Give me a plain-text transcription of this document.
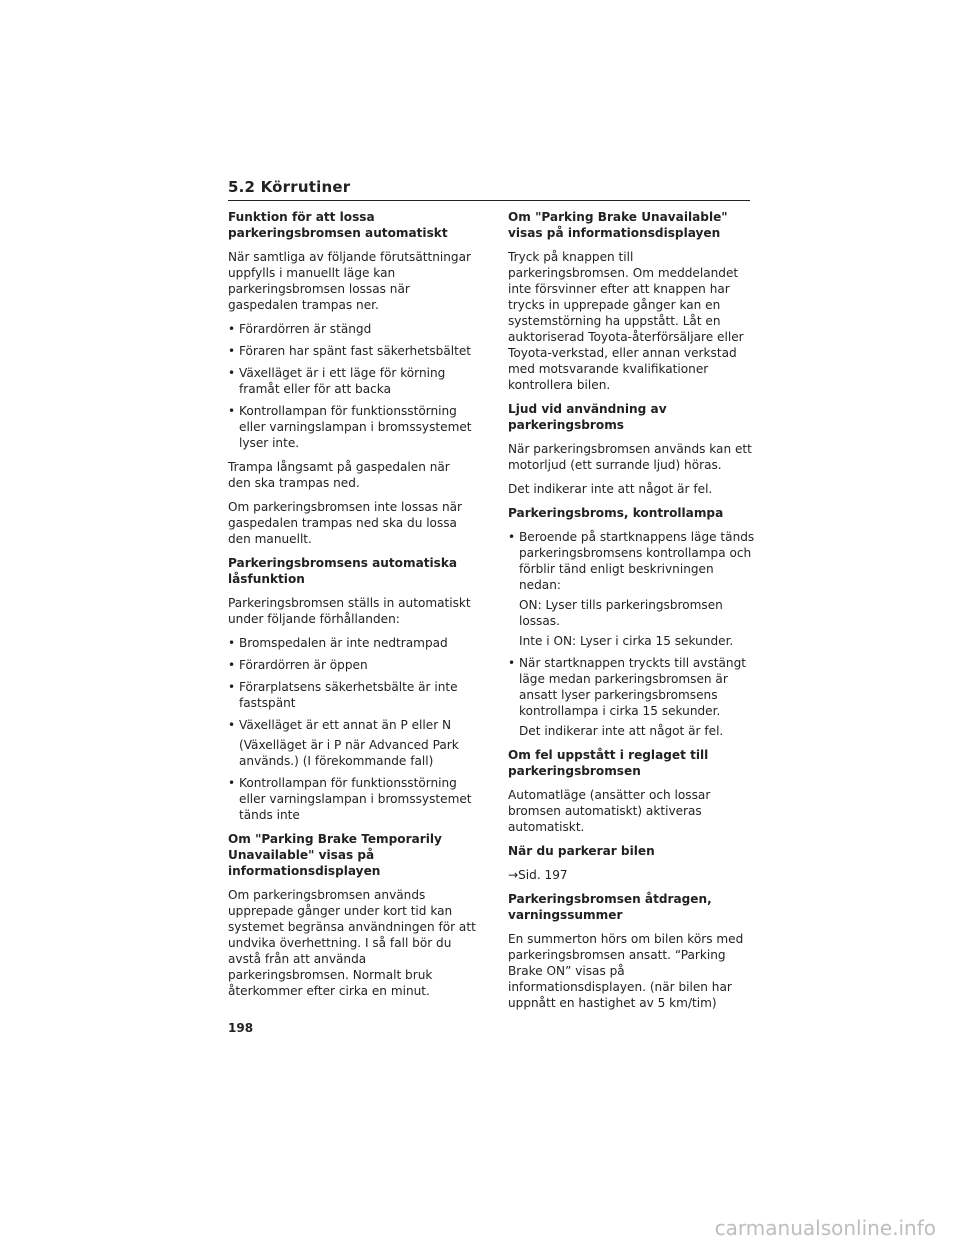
5.2 Körrutiner
Funktion för att lossa parkeringsbromsen automatiskt
När samtliga av följande förutsättningar uppfylls i manuellt läge kan parkeringsbromsen lossas när gaspedalen trampas ner.
• Förardörren är stängd
• Föraren har spänt fast säkerhetsbältet
• Växelläget är i ett läge för körning framåt eller för att backa
• Kontrollampan för funktionsstörning eller varningslampan i bromssystemet lyser inte.
Trampa långsamt på gaspedalen när den ska trampas ned.
Om parkeringsbromsen inte lossas när gaspedalen trampas ned ska du lossa den manuellt.
Parkeringsbromsens automatiska låsfunktion
Parkeringsbromsen ställs in automatiskt under följande förhållanden:
• Bromspedalen är inte nedtrampad
• Förardörren är öppen
• Förarplatsens säkerhetsbälte är inte fastspänt
• Växelläget är ett annat än P eller N
(Växelläget är i P när Advanced Park används.) (I förekommande fall)
• Kontrollampan för funktionsstörning eller varningslampan i bromssystemet tänds inte
Om "Parking Brake Temporarily Unavailable" visas på informationsdisplayen
Om parkeringsbromsen används upprepade gånger under kort tid kan systemet begränsa användningen för att undvika överhettning. I så fall bör du avstå från att använda parkeringsbromsen. Normalt bruk återkommer efter cirka en minut.
Om "Parking Brake Unavailable" visas på informationsdisplayen
Tryck på knappen till parkeringsbromsen. Om meddelandet inte försvinner efter att knappen har trycks in upprepade gånger kan en systemstörning ha uppstått. Låt en auktoriserad Toyota-återförsäljare eller Toyota-verkstad, eller annan verkstad med motsvarande kvalifikationer kontrollera bilen.
Ljud vid användning av parkeringsbroms
När parkeringsbromsen används kan ett motorljud (ett surrande ljud) höras.
Det indikerar inte att något är fel.
Parkeringsbroms, kontrollampa
• Beroende på startknappens läge tänds parkeringsbromsens kontrollampa och förblir tänd enligt beskrivningen nedan:
ON: Lyser tills parkeringsbromsen lossas.
Inte i ON: Lyser i cirka 15 sekunder.
• När startknappen tryckts till avstängt läge medan parkeringsbromsen är ansatt lyser parkeringsbromsens kontrollampa i cirka 15 sekunder.
Det indikerar inte att något är fel.
Om fel uppstått i reglaget till parkeringsbromsen
Automatläge (ansätter och lossar bromsen automatiskt) aktiveras automatiskt.
När du parkerar bilen
→Sid. 197
Parkeringsbromsen åtdragen, varningssummer
En summerton hörs om bilen körs med parkeringsbromsen ansatt. “Parking Brake ON” visas på informationsdisplayen. (när bilen har uppnått en hastighet av 5 km/tim)
198
carmanualsonline.info
